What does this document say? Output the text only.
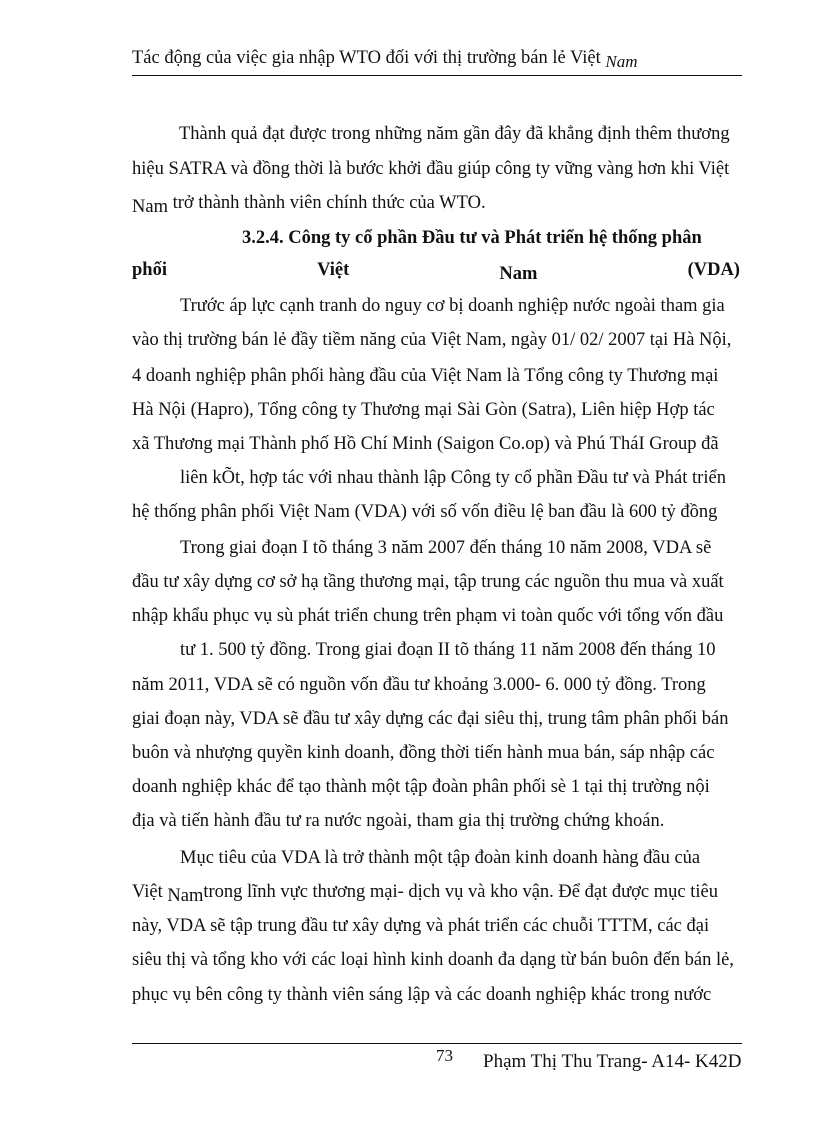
Tác động của việc gia nhập WTO đối với thị trường bán lẻ Việt Nam
Thành quả đạt được trong những năm gần đây đã khẳng định thêm thương
hiệu SATRA và đồng thời là bước khởi đầu giúp công ty vững vàng hơn khi Việt
Nam trở thành thành viên chính thức của WTO.
3.2.4. Công ty cổ phần Đầu tư và Phát triển hệ thống phân
phối	Việt	Nam	(VDA)
Trước áp lực cạnh tranh do nguy cơ bị doanh nghiệp nước ngoài tham gia
vào thị trường bán lẻ đầy tiềm năng của Việt Nam, ngày 01/ 02/ 2007 tại Hà Nội,
4 doanh nghiệp phân phối hàng đầu của Việt Nam là Tổng công ty Thương mại
Hà Nội (Hapro), Tổng công ty Thương mại Sài Gòn (Satra), Liên hiệp Hợp tác
xã Thương mại Thành phố Hồ Chí Minh (Saigon Co.op) và Phú TháI Group đã
liên kÕt, hợp tác với nhau thành lập Công ty cổ phần Đầu tư và Phát triển
hệ thống phân phối Việt Nam (VDA) với số vốn điều lệ ban đầu là 600 tỷ đồng
Trong giai đoạn I tõ tháng 3 năm 2007 đến tháng 10 năm 2008, VDA sẽ
đầu tư xây dựng cơ sở hạ tầng thương mại, tập trung các nguồn thu mua và xuất
nhập khẩu phục vụ sù phát triển chung trên phạm vi toàn quốc với tổng vốn đầu
tư 1. 500 tỷ đồng. Trong giai đoạn II tõ tháng 11 năm 2008 đến tháng 10
năm 2011, VDA sẽ có nguồn vốn đầu tư khoảng 3.000- 6. 000 tỷ đồng. Trong
giai đoạn này, VDA sẽ đầu tư xây dựng các đại siêu thị, trung tâm phân phối bán
buôn và nhượng quyền kinh doanh, đồng thời tiến hành mua bán, sáp nhập các
doanh nghiệp khác để tạo thành một tập đoàn phân phối sè 1 tại thị trường nội
địa và tiến hành đầu tư ra nước ngoài, tham gia thị trường chứng khoán.
Mục tiêu của VDA là trở thành một tập đoàn kinh doanh hàng đầu của
Việt Namtrong lĩnh vực thương mại- dịch vụ và kho vận. Để đạt được mục tiêu
này, VDA sẽ tập trung đầu tư xây dựng và phát triển các chuỗi TTTM, các đại
siêu thị và tổng kho với các loại hình kinh doanh đa dạng từ bán buôn đến bán lẻ,
phục vụ bên công ty thành viên sáng lập và các doanh nghiệp khác trong nước
73 Phạm Thị Thu Trang- A14- K42D
